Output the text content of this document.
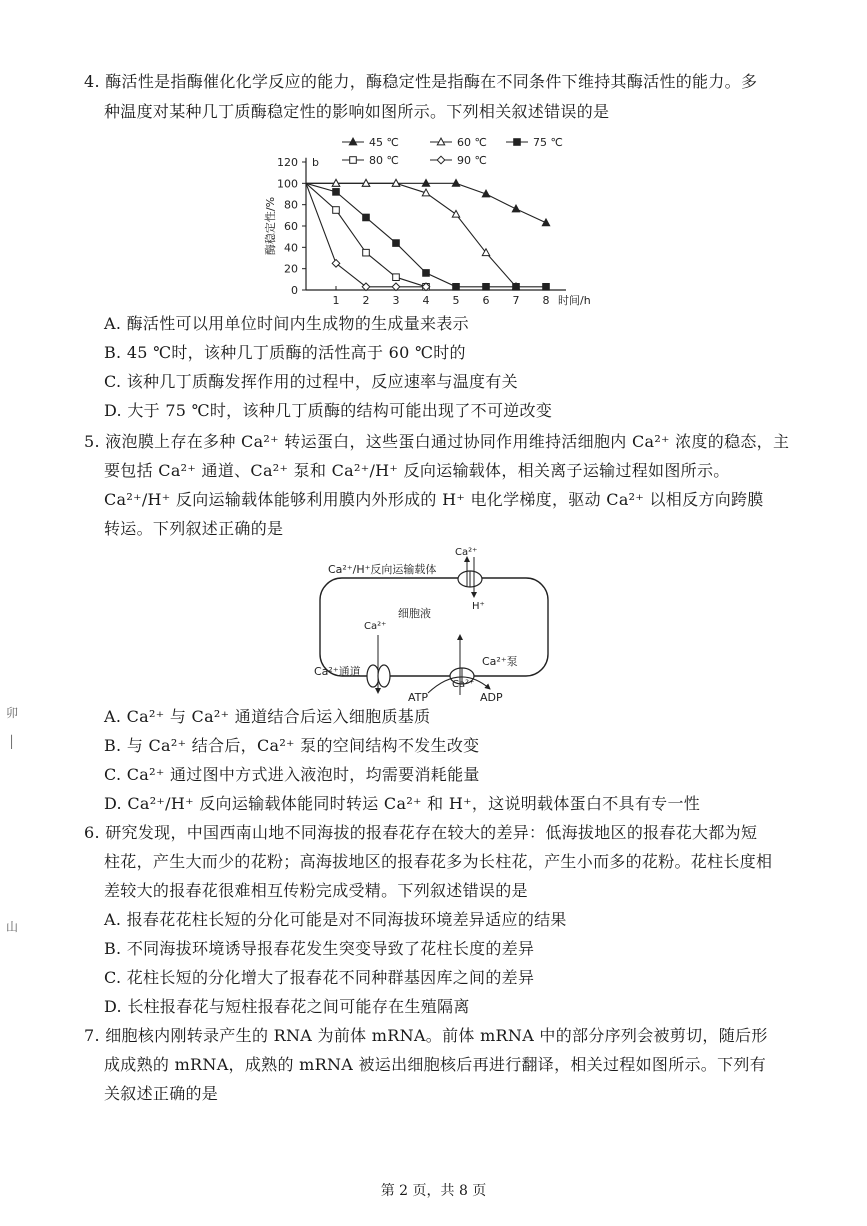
4. 酶活性是指酶催化化学反应的能力，酶稳定性是指酶在不同条件下维持其酶活性的能力。多
种温度对某种几丁质酶稳定性的影响如图所示。下列相关叙述错误的是
0
20
40
60
80
100
120
1 2 3 4 5 6 7 8
酶稳定性/%
时间/h
b
45 ℃	60 ℃	75 ℃
80 ℃	90 ℃
A. 酶活性可以用单位时间内生成物的生成量来表示
B. 45 ℃时，该种几丁质酶的活性高于 60 ℃时的
C. 该种几丁质酶发挥作用的过程中，反应速率与温度有关
D. 大于 75 ℃时，该种几丁质酶的结构可能出现了不可逆改变
5. 液泡膜上存在多种 Ca²⁺ 转运蛋白，这些蛋白通过协同作用维持活细胞内 Ca²⁺ 浓度的稳态，主
要包括 Ca²⁺ 通道、Ca²⁺ 泵和 Ca²⁺/H⁺ 反向运输载体，相关离子运输过程如图所示。
Ca²⁺/H⁺ 反向运输载体能够利用膜内外形成的 H⁺ 电化学梯度，驱动 Ca²⁺ 以相反方向跨膜
转运。下列叙述正确的是
Ca²⁺/H⁺反向运输载体
Ca²⁺
H⁺
细胞液
Ca²⁺
Ca²⁺通道
Ca²⁺泵
Ca²⁺
ATP	ADP
A. Ca²⁺ 与 Ca²⁺ 通道结合后运入细胞质基质
B. 与 Ca²⁺ 结合后，Ca²⁺ 泵的空间结构不发生改变
C. Ca²⁺ 通过图中方式进入液泡时，均需要消耗能量
D. Ca²⁺/H⁺ 反向运输载体能同时转运 Ca²⁺ 和 H⁺，这说明载体蛋白不具有专一性
6. 研究发现，中国西南山地不同海拔的报春花存在较大的差异：低海拔地区的报春花大都为短
柱花，产生大而少的花粉；高海拔地区的报春花多为长柱花，产生小而多的花粉。花柱长度相
差较大的报春花很难相互传粉完成受精。下列叙述错误的是
A. 报春花花柱长短的分化可能是对不同海拔环境差异适应的结果
B. 不同海拔环境诱导报春花发生突变导致了花柱长度的差异
C. 花柱长短的分化增大了报春花不同种群基因库之间的差异
D. 长柱报春花与短柱报春花之间可能存在生殖隔离
7. 细胞核内刚转录产生的 RNA 为前体 mRNA。前体 mRNA 中的部分序列会被剪切，随后形
成成熟的 mRNA，成熟的 mRNA 被运出细胞核后再进行翻译，相关过程如图所示。下列有
关叙述正确的是
卯
│
山
第 2 页，共 8 页
